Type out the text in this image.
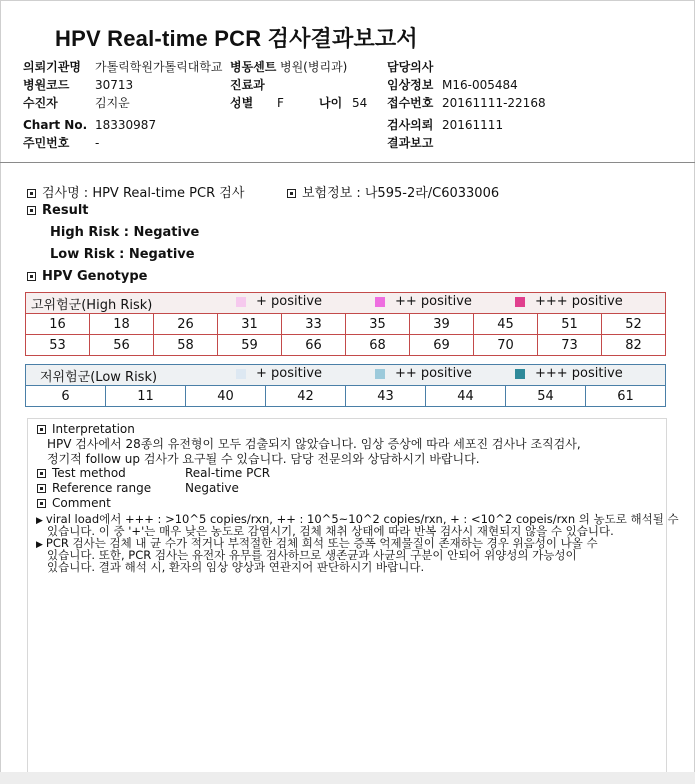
HPV Real-time PCR 검사결과보고서
의뢰기관명 가톨릭학원가톨릭대학교 병동센트 병원(병리과)	담당의사
병원코드 30713	진료과	임상정보 M16-005484
수진자	김지운	성별 F	나이 54 접수번호 20161111-22168
Chart No. 18330987	검사의뢰 20161111
주민번호 -	결과보고
검사명 : HPV Real-time PCR 검사	보험정보 : 나595-2라/C6033006
Result
High Risk : Negative
Low Risk : Negative
HPV Genotype

16	18	26	31	33	35	39	45	51	52
53	56	58	59	66	68	69	70	73	82
고위험군(High Risk)	+ positive	++ positive	+++ positive

6	11	40	42	43	44	54	61
저위험군(Low Risk)	+ positive	++ positive	+++ positive
Interpretation
HPV 검사에서 28종의 유전형이 모두 검출되지 않았습니다. 임상 증상에 따라 세포진 검사나 조직검사,
정기적 follow up 검사가 요구될 수 있습니다. 담당 전문의와 상담하시기 바랍니다.
Test method	Real-time PCR
Reference range	Negative
Comment
▶ viral load에서 +++ : >10^5 copies/rxn, ++ : 10^5~10^2 copies/rxn, + : <10^2 copeis/rxn 의 농도로 해석될 수
있습니다. 이 중 '+'는 매우 낮은 농도로 감염시기, 검체 채취 상태에 따라 반복 검사시 재현되지 않을 수 있습니다.
▶ PCR 검사는 검체 내 균 수가 적거나 부적절한 검체 희석 또는 증폭 억제물질이 존재하는 경우 위음성이 나올 수
있습니다. 또한, PCR 검사는 유전자 유무를 검사하므로 생존균과 사균의 구분이 안되어 위양성의 가능성이
있습니다. 결과 해석 시, 환자의 임상 양상과 연관지어 판단하시기 바랍니다.
